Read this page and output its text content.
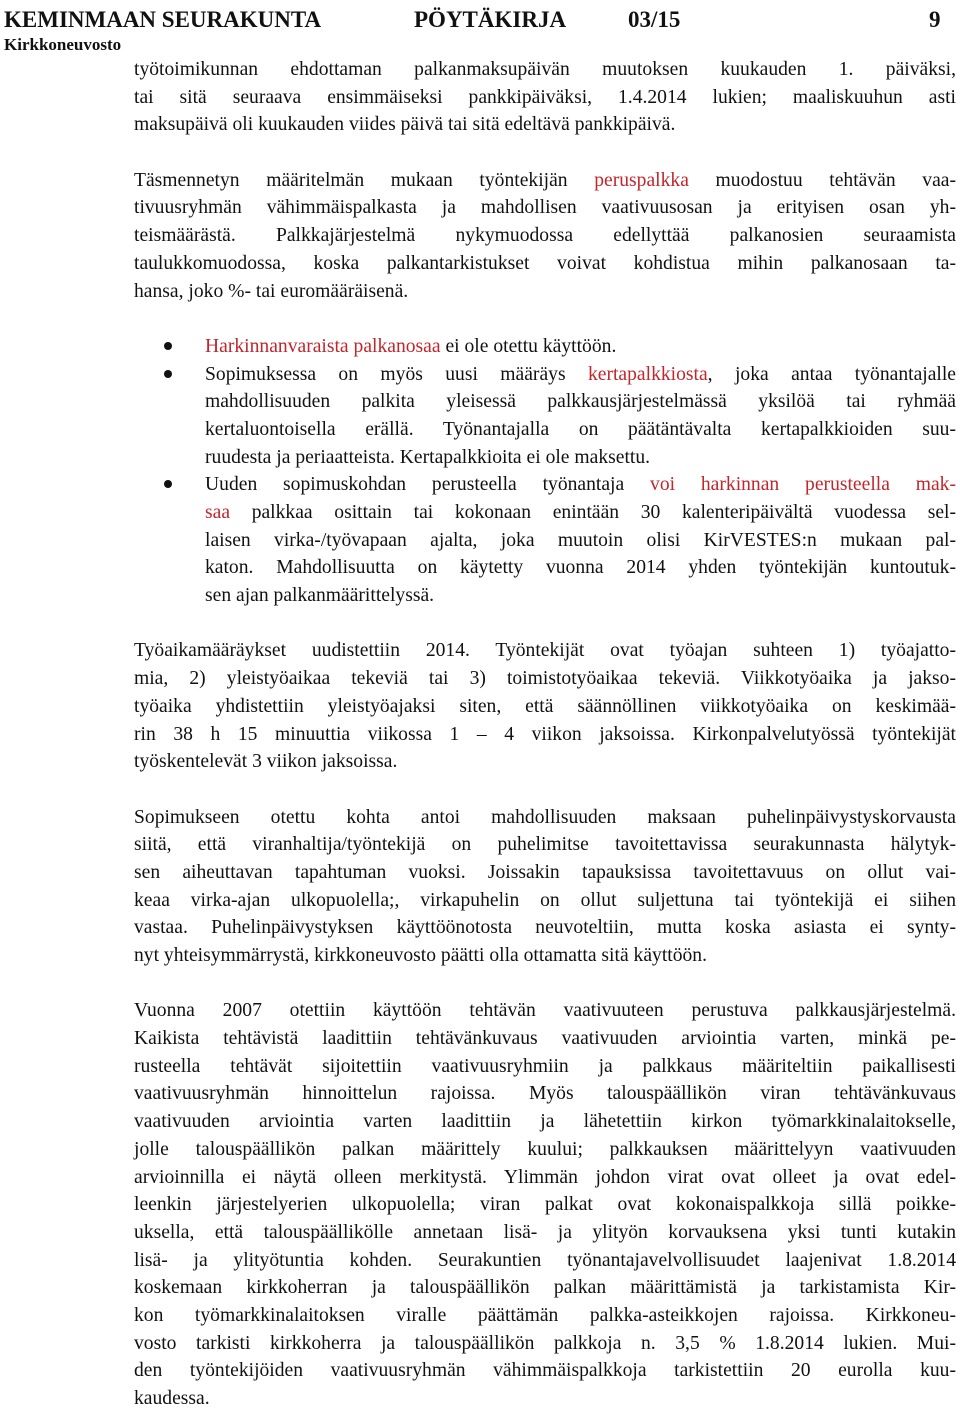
KEMINMAAN SEURAKUNTA	PÖYTÄKIRJA	03/15	9
Kirkkoneuvosto
työtoimikunnan ehdottaman palkanmaksupäivän muutoksen kuukauden 1. päiväksi,
tai sitä seuraava ensimmäiseksi pankkipäiväksi, 1.4.2014 lukien; maaliskuuhun asti
maksupäivä oli kuukauden viides päivä tai sitä edeltävä pankkipäivä.
Täsmennetyn määritelmän mukaan työntekijän peruspalkka muodostuu tehtävän vaa-
tivuusryhmän vähimmäispalkasta ja mahdollisen vaativuusosan ja erityisen osan yh-
teismäärästä. Palkkajärjestelmä nykymuodossa edellyttää palkanosien seuraamista
taulukkomuodossa, koska palkantarkistukset voivat kohdistua mihin palkanosaan ta-
hansa, joko %- tai euromääräisenä.
Harkinnanvaraista palkanosaa ei ole otettu käyttöön.
Sopimuksessa on myös uusi määräys kertapalkkiosta, joka antaa työnantajalle
mahdollisuuden palkita yleisessä palkkausjärjestelmässä yksilöä tai ryhmää
kertaluontoisella erällä. Työnantajalla on päätäntävalta kertapalkkioiden suu-
ruudesta ja periaatteista. Kertapalkkioita ei ole maksettu.
Uuden sopimuskohdan perusteella työnantaja voi harkinnan perusteella mak-
saa palkkaa osittain tai kokonaan enintään 30 kalenteripäivältä vuodessa sel-
laisen virka-/työvapaan ajalta, joka muutoin olisi KirVESTES:n mukaan pal-
katon. Mahdollisuutta on käytetty vuonna 2014 yhden työntekijän kuntoutuk-
sen ajan palkanmäärittelyssä.
Työaikamääräykset uudistettiin 2014. Työntekijät ovat työajan suhteen 1) työajatto-
mia, 2) yleistyöaikaa tekeviä tai 3) toimistotyöaikaa tekeviä. Viikkotyöaika ja jakso-
työaika yhdistettiin yleistyöajaksi siten, että säännöllinen viikkotyöaika on keskimää-
rin 38 h 15 minuuttia viikossa 1 – 4 viikon jaksoissa. Kirkonpalvelutyössä työntekijät
työskentelevät 3 viikon jaksoissa.
Sopimukseen otettu kohta antoi mahdollisuuden maksaan puhelinpäivystyskorvausta
siitä, että viranhaltija/työntekijä on puhelimitse tavoitettavissa seurakunnasta hälytyk-
sen aiheuttavan tapahtuman vuoksi. Joissakin tapauksissa tavoitettavuus on ollut vai-
keaa virka-ajan ulkopuolella;, virkapuhelin on ollut suljettuna tai työntekijä ei siihen
vastaa. Puhelinpäivystyksen käyttöönotosta neuvoteltiin, mutta koska asiasta ei synty-
nyt yhteisymmärrystä, kirkkoneuvosto päätti olla ottamatta sitä käyttöön.
Vuonna 2007 otettiin käyttöön tehtävän vaativuuteen perustuva palkkausjärjestelmä.
Kaikista tehtävistä laadittiin tehtävänkuvaus vaativuuden arviointia varten, minkä pe-
rusteella tehtävät sijoitettiin vaativuusryhmiin ja palkkaus määriteltiin paikallisesti
vaativuusryhmän hinnoittelun rajoissa. Myös talouspäällikön viran tehtävänkuvaus
vaativuuden arviointia varten laadittiin ja lähetettiin kirkon työmarkkinalaitokselle,
jolle talouspäällikön palkan määrittely kuului; palkkauksen määrittelyyn vaativuuden
arvioinnilla ei näytä olleen merkitystä. Ylimmän johdon virat ovat olleet ja ovat edel-
leenkin järjestelyerien ulkopuolella; viran palkat ovat kokonaispalkkoja sillä poikke-
uksella, että talouspäällikölle annetaan lisä- ja ylityön korvauksena yksi tunti kutakin
lisä- ja ylityötuntia kohden. Seurakuntien työnantajavelvollisuudet laajenivat 1.8.2014
koskemaan kirkkoherran ja talouspäällikön palkan määrittämistä ja tarkistamista Kir-
kon työmarkkinalaitoksen viralle päättämän palkka-asteikkojen rajoissa. Kirkkoneu-
vosto tarkisti kirkkoherra ja talouspäällikön palkkoja n. 3,5 % 1.8.2014 lukien. Mui-
den työntekijöiden vaativuusryhmän vähimmäispalkkoja tarkistettiin 20 eurolla kuu-
kaudessa.
